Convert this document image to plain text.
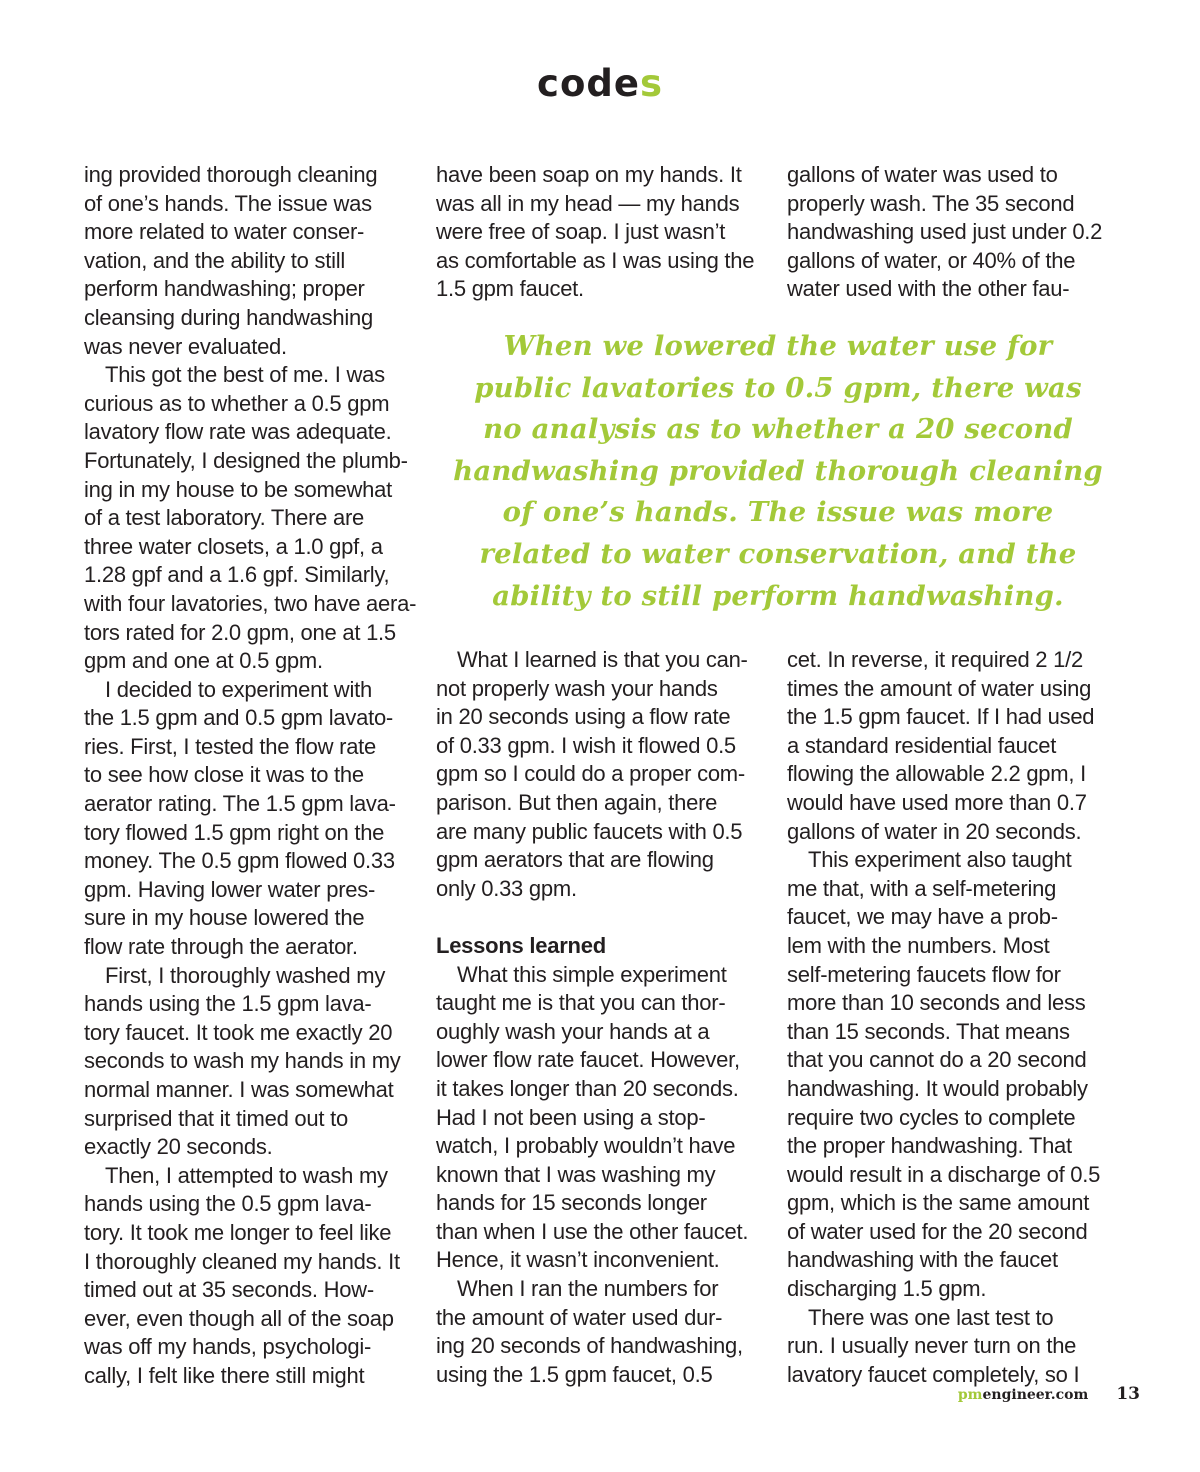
codes
ing provided thorough cleaning
of one’s hands. The issue was
more related to water conser-
vation, and the ability to still
perform handwashing; proper
cleansing during handwashing
was never evaluated.
This got the best of me. I was
curious as to whether a 0.5 gpm
lavatory flow rate was adequate.
Fortunately, I designed the plumb-
ing in my house to be somewhat
of a test laboratory. There are
three water closets, a 1.0 gpf, a
1.28 gpf and a 1.6 gpf. Similarly,
with four lavatories, two have aera-
tors rated for 2.0 gpm, one at 1.5
gpm and one at 0.5 gpm.
I decided to experiment with
the 1.5 gpm and 0.5 gpm lavato-
ries. First, I tested the flow rate
to see how close it was to the
aerator rating. The 1.5 gpm lava-
tory flowed 1.5 gpm right on the
money. The 0.5 gpm flowed 0.33
gpm. Having lower water pres-
sure in my house lowered the
flow rate through the aerator.
First, I thoroughly washed my
hands using the 1.5 gpm lava-
tory faucet. It took me exactly 20
seconds to wash my hands in my
normal manner. I was somewhat
surprised that it timed out to
exactly 20 seconds.
Then, I attempted to wash my
hands using the 0.5 gpm lava-
tory. It took me longer to feel like
I thoroughly cleaned my hands. It
timed out at 35 seconds. How-
ever, even though all of the soap
was off my hands, psychologi-
cally, I felt like there still might
have been soap on my hands. It
was all in my head — my hands
were free of soap. I just wasn’t
as comfortable as I was using the
1.5 gpm faucet.
gallons of water was used to
properly wash. The 35 second
handwashing used just under 0.2
gallons of water, or 40% of the
water used with the other fau-
When we lowered the water use for
public lavatories to 0.5 gpm, there was
no analysis as to whether a 20 second
handwashing provided thorough cleaning
of one’s hands. The issue was more
related to water conservation, and the
ability to still perform handwashing.
What I learned is that you can-
not properly wash your hands
in 20 seconds using a flow rate
of 0.33 gpm. I wish it flowed 0.5
gpm so I could do a proper com-
parison. But then again, there
are many public faucets with 0.5
gpm aerators that are flowing
only 0.33 gpm.

Lessons learned
What this simple experiment
taught me is that you can thor-
oughly wash your hands at a
lower flow rate faucet. However,
it takes longer than 20 seconds.
Had I not been using a stop-
watch, I probably wouldn’t have
known that I was washing my
hands for 15 seconds longer
than when I use the other faucet.
Hence, it wasn’t inconvenient.
When I ran the numbers for
the amount of water used dur-
ing 20 seconds of handwashing,
using the 1.5 gpm faucet, 0.5
cet. In reverse, it required 2 1/2
times the amount of water using
the 1.5 gpm faucet. If I had used
a standard residential faucet
flowing the allowable 2.2 gpm, I
would have used more than 0.7
gallons of water in 20 seconds.
This experiment also taught
me that, with a self-metering
faucet, we may have a prob-
lem with the numbers. Most
self-metering faucets flow for
more than 10 seconds and less
than 15 seconds. That means
that you cannot do a 20 second
handwashing. It would probably
require two cycles to complete
the proper handwashing. That
would result in a discharge of 0.5
gpm, which is the same amount
of water used for the 20 second
handwashing with the faucet
discharging 1.5 gpm.
There was one last test to
run. I usually never turn on the
lavatory faucet completely, so I
pm engineer.com 13
